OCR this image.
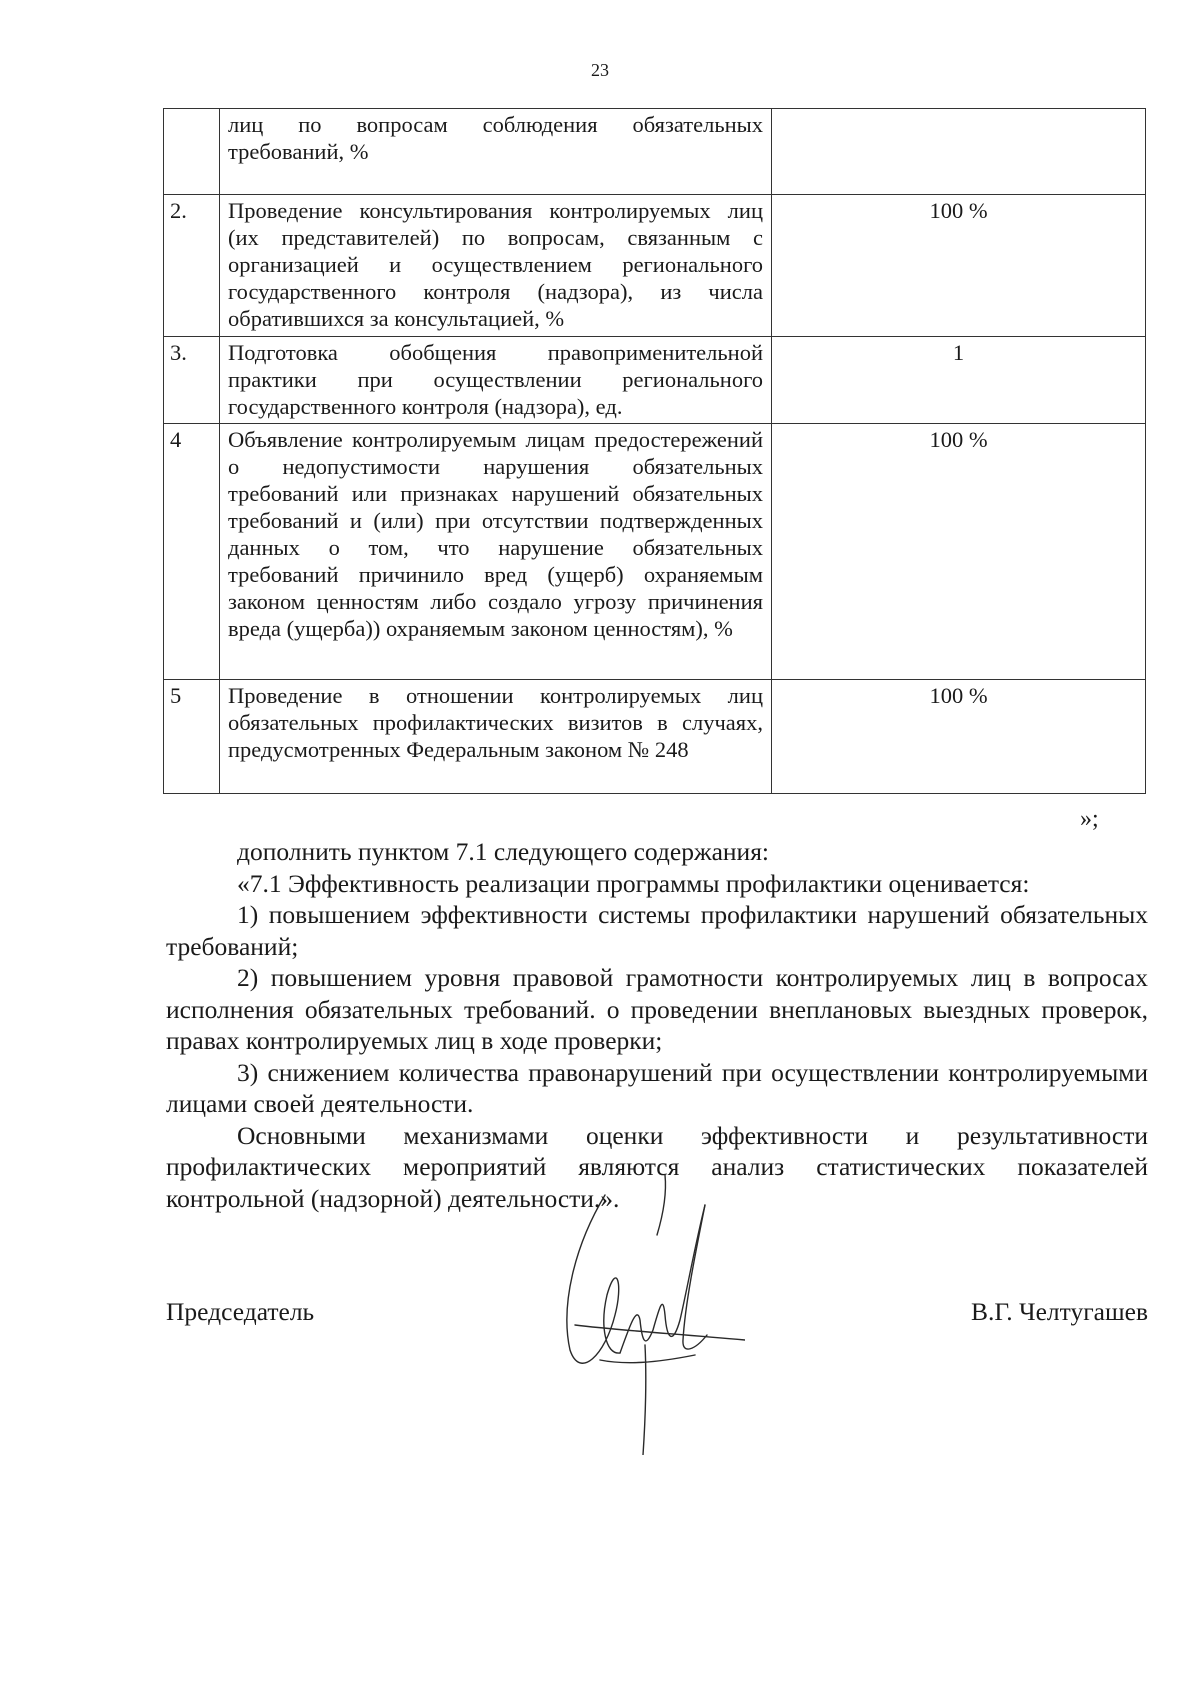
23
	лиц по вопросам соблюдения обязательных требований, %	
2.	Проведение консультирования контролируемых лиц (их представителей) по вопросам, связанным с организацией и осуществлением регионального государственного контроля (надзора), из числа обратившихся за консультацией, %	100 %
3.	Подготовка обобщения правоприменительной практики при осуществлении регионального государственного контроля (надзора), ед.	1
4	Объявление контролируемым лицам предостережений о недопустимости нарушения обязательных требований или признаках нарушений обязательных требований и (или) при отсутствии подтвержденных данных о том, что нарушение обязательных требований причинило вред (ущерб) охраняемым законом ценностям либо создало угрозу причинения вреда (ущерба)) охраняемым законом ценностям), %	100 %
5	Проведение в отношении контролируемых лиц обязательных профилактических визитов в случаях, предусмотренных Федеральным законом № 248	100 %
»;

дополнить пунктом 7.1 следующего содержания:

«7.1 Эффективность реализации программы профилактики оценивается:

1) повышением эффективности системы профилактики нарушений обязательных требований;

2) повышением уровня правовой грамотности контролируемых лиц в вопросах исполнения обязательных требований. о проведении внеплановых выездных проверок, правах контролируемых лиц в ходе проверки;

3) снижением количества правонарушений при осуществлении контролируемыми лицами своей деятельности.

Основными механизмами оценки эффективности и результативности профилактических мероприятий являются анализ статистических показателей контрольной (надзорной) деятельности.».

Председатель	В.Г. Челтугашев
